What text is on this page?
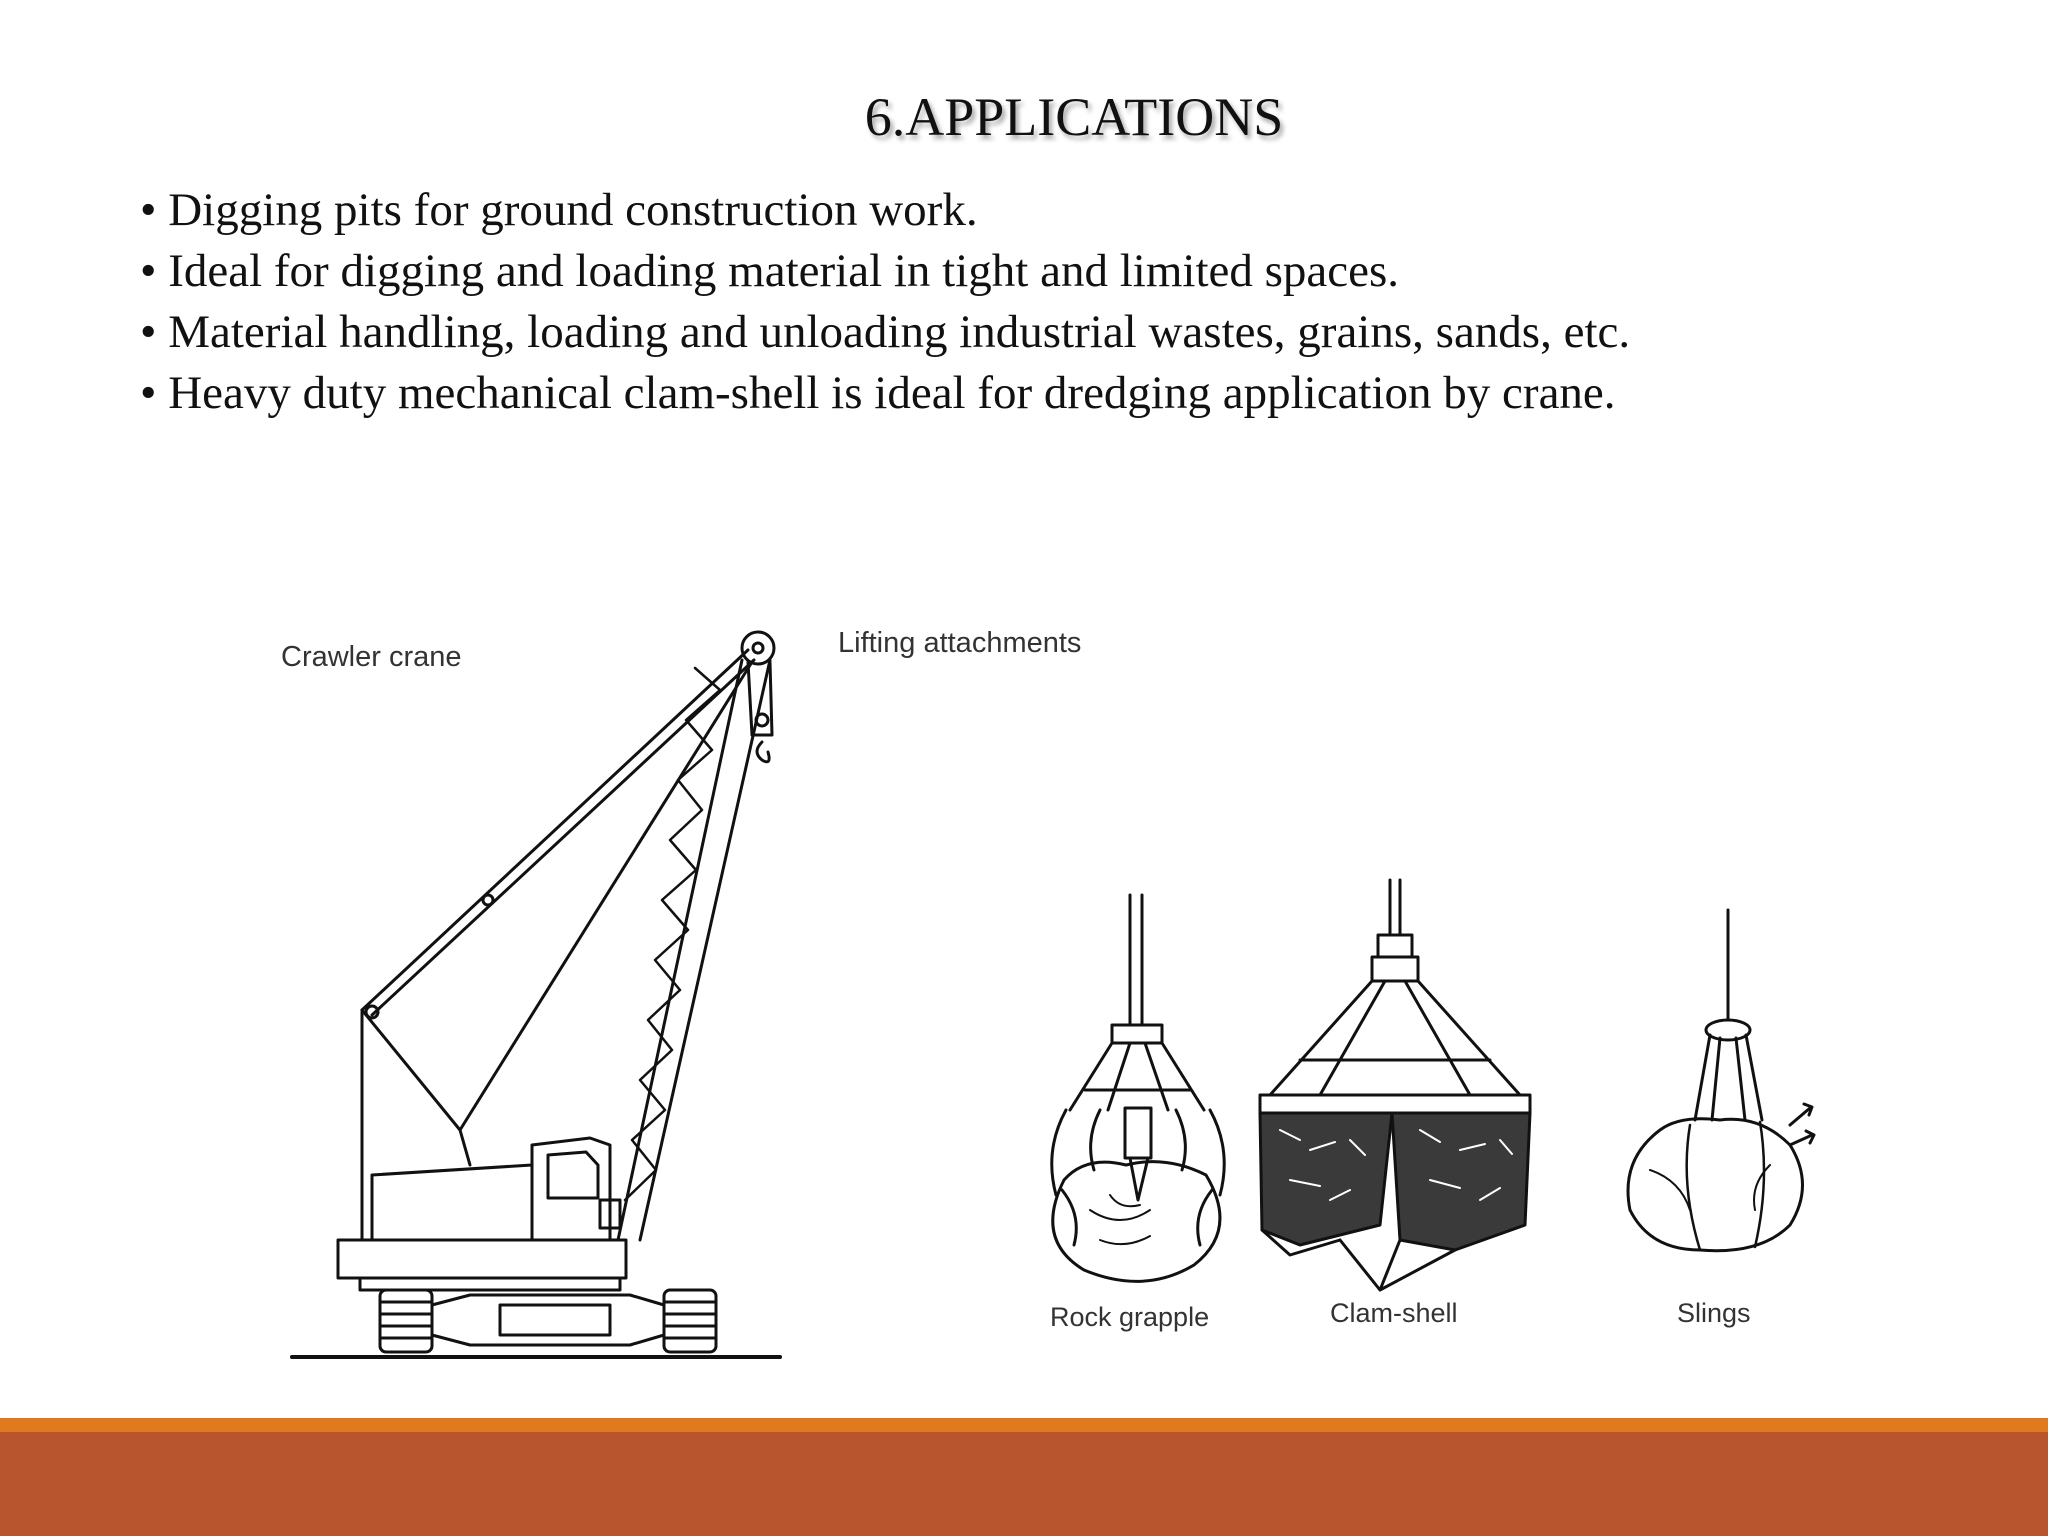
6.APPLICATIONS
• Digging pits for ground construction work.
• Ideal for digging and loading material in tight and limited spaces.
• Material handling, loading and unloading industrial wastes, grains, sands, etc.
• Heavy duty mechanical clam-shell is ideal for dredging application by crane.
Crawler crane	Lifting attachments
Rock grapple	Clam-shell	Slings
